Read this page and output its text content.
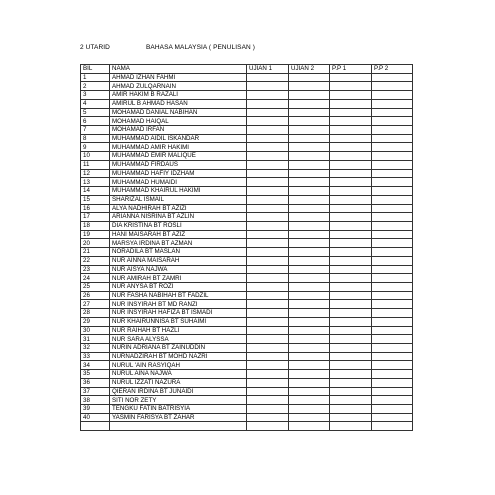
2 UTARID	BAHASA MALAYSIA ( PENULISAN )
BIL	NAMA	UJIAN 1	UJIAN 2	P.P 1	P.P 2
1	AHMAD IZHAN FAHMI				
2	AHMAD ZULQARNAIN				
3	AMIR HAKIM B RAZALI				
4	AMIRUL B AHMAD HASAN				
5	MOHAMAD DANIAL NABIHAN				
6	MOHAMAD HAIQAL				
7	MOHAMAD IRFAN				
8	MUHAMMAD AIDIL ISKANDAR				
9	MUHAMMAD AMIR HAKIMI				
10	MUHAMMAD EMIR MALIQUE				
11	MUHAMMAD FIRDAUS				
12	MUHAMMAD HAFIY IDZHAM				
13	MUHAMMAD HUMAIDI				
14	MUHAMMAD KHAIRUL HAKIMI				
15	SHARIZAL ISMAIL				
16	ALYA NADHIRAH BT AZIZI				
17	ARIANNA NISRINA BT AZLIN				
18	DIA KRISTINA BT ROSLI				
19	HANI MAISARAH BT AZIZ				
20	MARSYA IRDINA BT AZMAN				
21	NORADILA BT MASLAN				
22	NUR AINNA MAISARAH				
23	NUR AISYA NAJWA				
24	NUR AMIRAH BT ZAMRI				
25	NUR ANYSA BT ROZI				
26	NUR FASHA NABIHAH BT FADZIL				
27	NUR INSYIRAH BT MD RANZI				
28	NUR INSYIRAH HAFIZA BT ISMADI				
29	NUR KHAIRUNNISA BT SUHAIMI				
30	NUR RAIHAH BT HAZLI				
31	NUR SARA ALYSSA				
32	NURIN ADRIANA BT ZAINUDDIN				
33	NURNADZIRAH BT MOHD NAZRI				
34	NURUL 'AIN RASYIQAH				
35	NURUL AINA NAJWA				
36	NURUL IZZATI NAZURA				
37	QIERAN IRDINA BT JUNAIDI				
38	SITI NOR ZETY				
39	TENGKU FATIN BATRISYIA				
40	YASMIN FARISYA BT ZAHAR				
